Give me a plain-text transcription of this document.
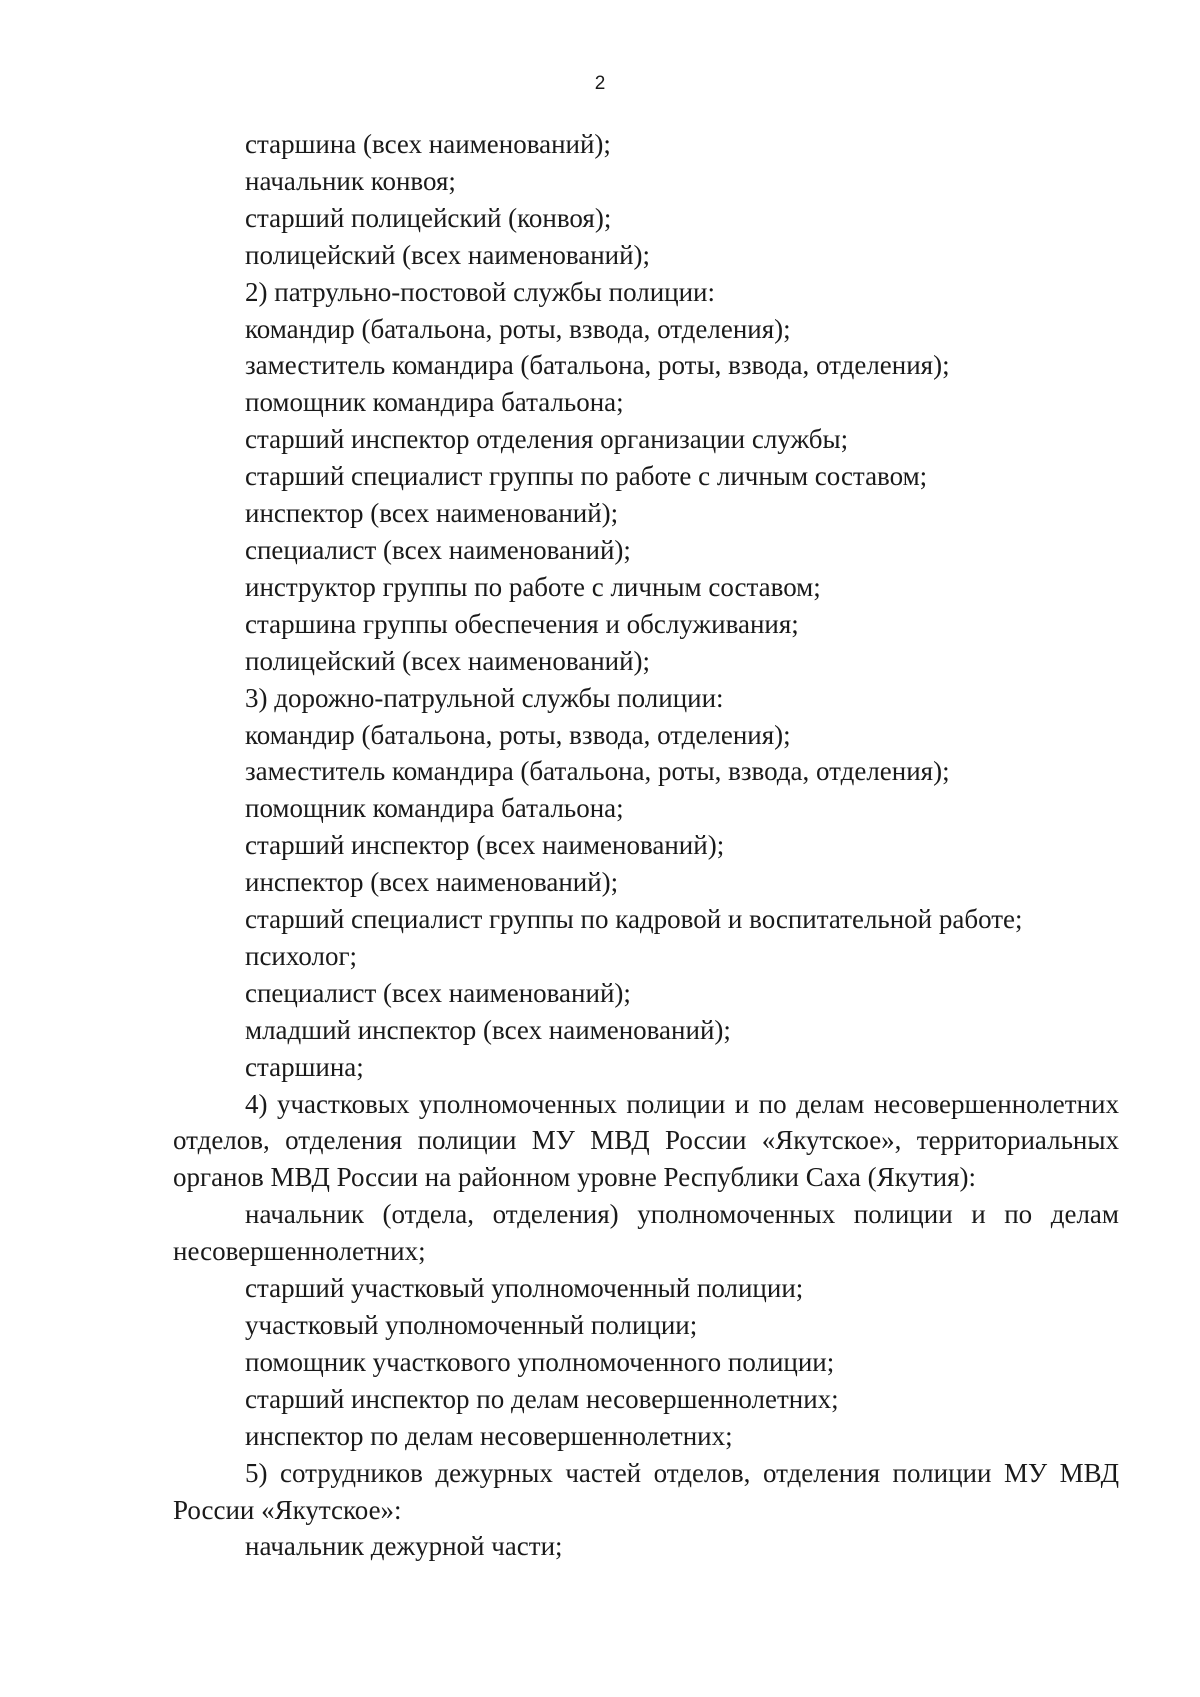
2
старшина (всех наименований);
начальник конвоя;
старший полицейский (конвоя);
полицейский (всех наименований);
2) патрульно-постовой службы полиции:
командир (батальона, роты, взвода, отделения);
заместитель командира (батальона, роты, взвода, отделения);
помощник командира батальона;
старший инспектор отделения организации службы;
старший специалист группы по работе с личным составом;
инспектор (всех наименований);
специалист (всех наименований);
инструктор группы по работе с личным составом;
старшина группы обеспечения и обслуживания;
полицейский (всех наименований);
3) дорожно-патрульной службы полиции:
командир (батальона, роты, взвода, отделения);
заместитель командира (батальона, роты, взвода, отделения);
помощник командира батальона;
старший инспектор (всех наименований);
инспектор (всех наименований);
старший специалист группы по кадровой и воспитательной работе;
психолог;
специалист (всех наименований);
младший инспектор (всех наименований);
старшина;

4) участковых уполномоченных полиции и по делам несовершеннолетних отделов, отделения полиции МУ МВД России «Якутское», территориальных органов МВД России на районном уровне Республики Саха (Якутия):

начальник (отдела, отделения) уполномоченных полиции и по делам несовершеннолетних;

старший участковый уполномоченный полиции;
участковый уполномоченный полиции;
помощник участкового уполномоченного полиции;
старший инспектор по делам несовершеннолетних;
инспектор по делам несовершеннолетних;

5) сотрудников дежурных частей отделов, отделения полиции МУ МВД России «Якутское»:

начальник дежурной части;
